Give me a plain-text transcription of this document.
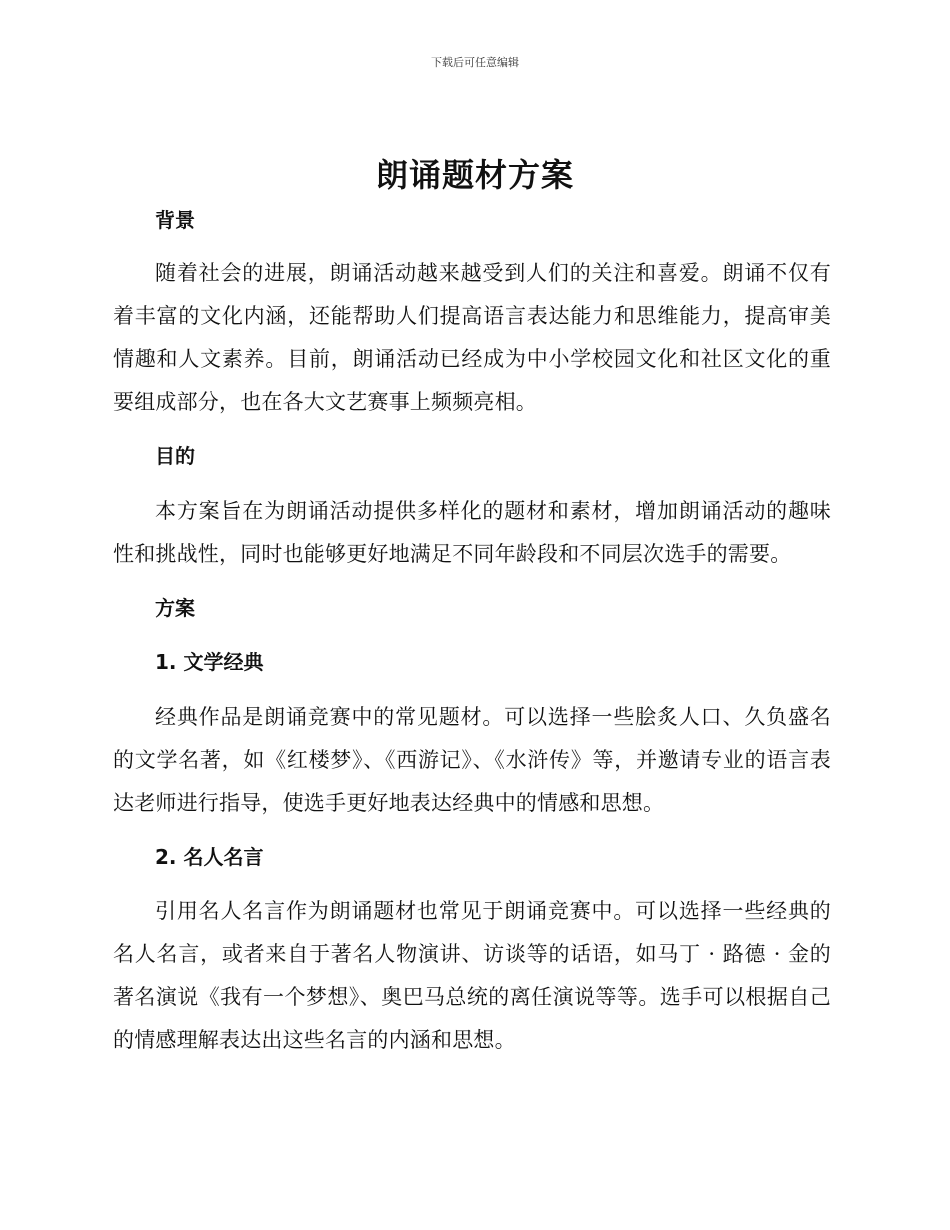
下载后可任意编辑
朗诵题材方案
背景

随着社会的进展，朗诵活动越来越受到人们的关注和喜爱。朗诵不仅有着丰富的文化内涵，还能帮助人们提高语言表达能力和思维能力，提高审美情趣和人文素养。目前，朗诵活动已经成为中小学校园文化和社区文化的重要组成部分，也在各大文艺赛事上频频亮相。

目的

本方案旨在为朗诵活动提供多样化的题材和素材，增加朗诵活动的趣味性和挑战性，同时也能够更好地满足不同年龄段和不同层次选手的需要。

方案
1. 文学经典

经典作品是朗诵竞赛中的常见题材。可以选择一些脍炙人口、久负盛名的文学名著，如《红楼梦》、《西游记》、《水浒传》等，并邀请专业的语言表达老师进行指导，使选手更好地表达经典中的情感和思想。

2. 名人名言

引用名人名言作为朗诵题材也常见于朗诵竞赛中。可以选择一些经典的名人名言，或者来自于著名人物演讲、访谈等的话语，如马丁 · 路德 · 金的著名演说《我有一个梦想》、奥巴马总统的离任演说等等。选手可以根据自己的情感理解表达出这些名言的内涵和思想。
